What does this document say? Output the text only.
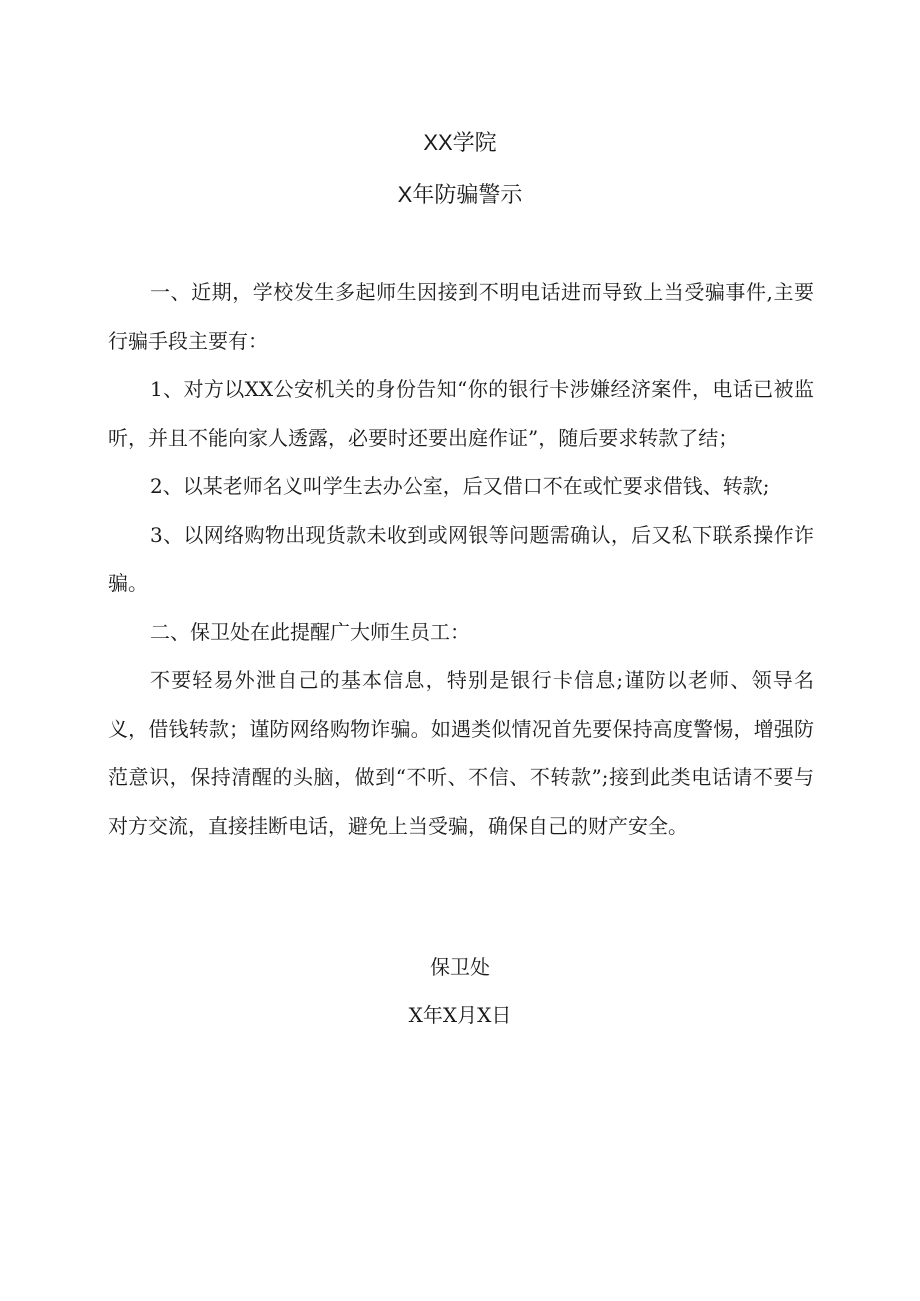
XX学院
X年防骗警示

一、近期，学校发生多起师生因接到不明电话进而导致上当受骗事件,主要行骗手段主要有：

1、对方以XX公安机关的身份告知“你的银行卡涉嫌经济案件，电话已被监听，并且不能向家人透露，必要时还要出庭作证”，随后要求转款了结；

2、以某老师名义叫学生去办公室，后又借口不在或忙要求借钱、转款;

3、以网络购物出现货款未收到或网银等问题需确认，后又私下联系操作诈骗。

二、保卫处在此提醒广大师生员工：

不要轻易外泄自己的基本信息，特别是银行卡信息;谨防以老师、领导名义，借钱转款；谨防网络购物诈骗。如遇类似情况首先要保持高度警惕，增强防范意识，保持清醒的头脑，做到“不听、不信、不转款”;接到此类电话请不要与对方交流，直接挂断电话，避免上当受骗，确保自己的财产安全。

保卫处

X年X月X日
